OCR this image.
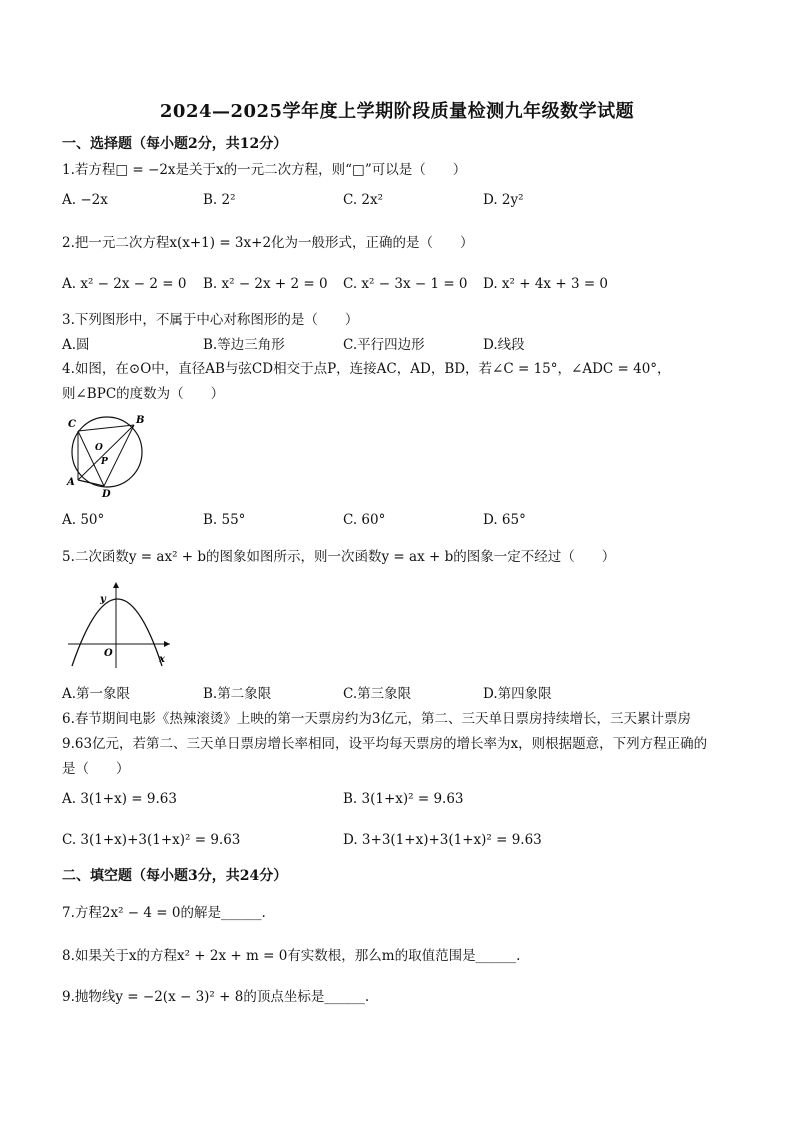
2024—2025学年度上学期阶段质量检测九年级数学试题
一、选择题（每小题2分，共12分）
1.若方程□ = −2x是关于x的一元二次方程，则“□”可以是（　　）
A. −2x	B. 2²	C. 2x²	D. 2y²
2.把一元二次方程x(x+1) = 3x+2化为一般形式，正确的是（　　）
A. x² − 2x − 2 = 0 B. x² − 2x + 2 = 0 C. x² − 3x − 1 = 0 D. x² + 4x + 3 = 0
3.下列图形中，不属于中心对称图形的是（　　）
A.圆	B.等边三角形	C.平行四边形	D.线段
4.如图，在⊙O中，直径AB与弦CD相交于点P，连接AC，AD，BD，若∠C = 15°，∠ADC = 40°，
则∠BPC的度数为（　　）
C	B
O
P
A
D
A. 50°	B. 55°	C. 60°	D. 65°
5.二次函数y = ax² + b的图象如图所示，则一次函数y = ax + b的图象一定不经过（　　）
y
x
O
A.第一象限	B.第二象限	C.第三象限	D.第四象限
6.春节期间电影《热辣滚烫》上映的第一天票房约为3亿元，第二、三天单日票房持续增长，三天累计票房
9.63亿元，若第二、三天单日票房增长率相同，设平均每天票房的增长率为x，则根据题意，下列方程正确的
是（　　）
A. 3(1+x) = 9.63	B. 3(1+x)² = 9.63
C. 3(1+x)+3(1+x)² = 9.63	D. 3+3(1+x)+3(1+x)² = 9.63
二、填空题（每小题3分，共24分）
7.方程2x² − 4 = 0的解是______.
8.如果关于x的方程x² + 2x + m = 0有实数根，那么m的取值范围是______.
9.抛物线y = −2(x − 3)² + 8的顶点坐标是______.
